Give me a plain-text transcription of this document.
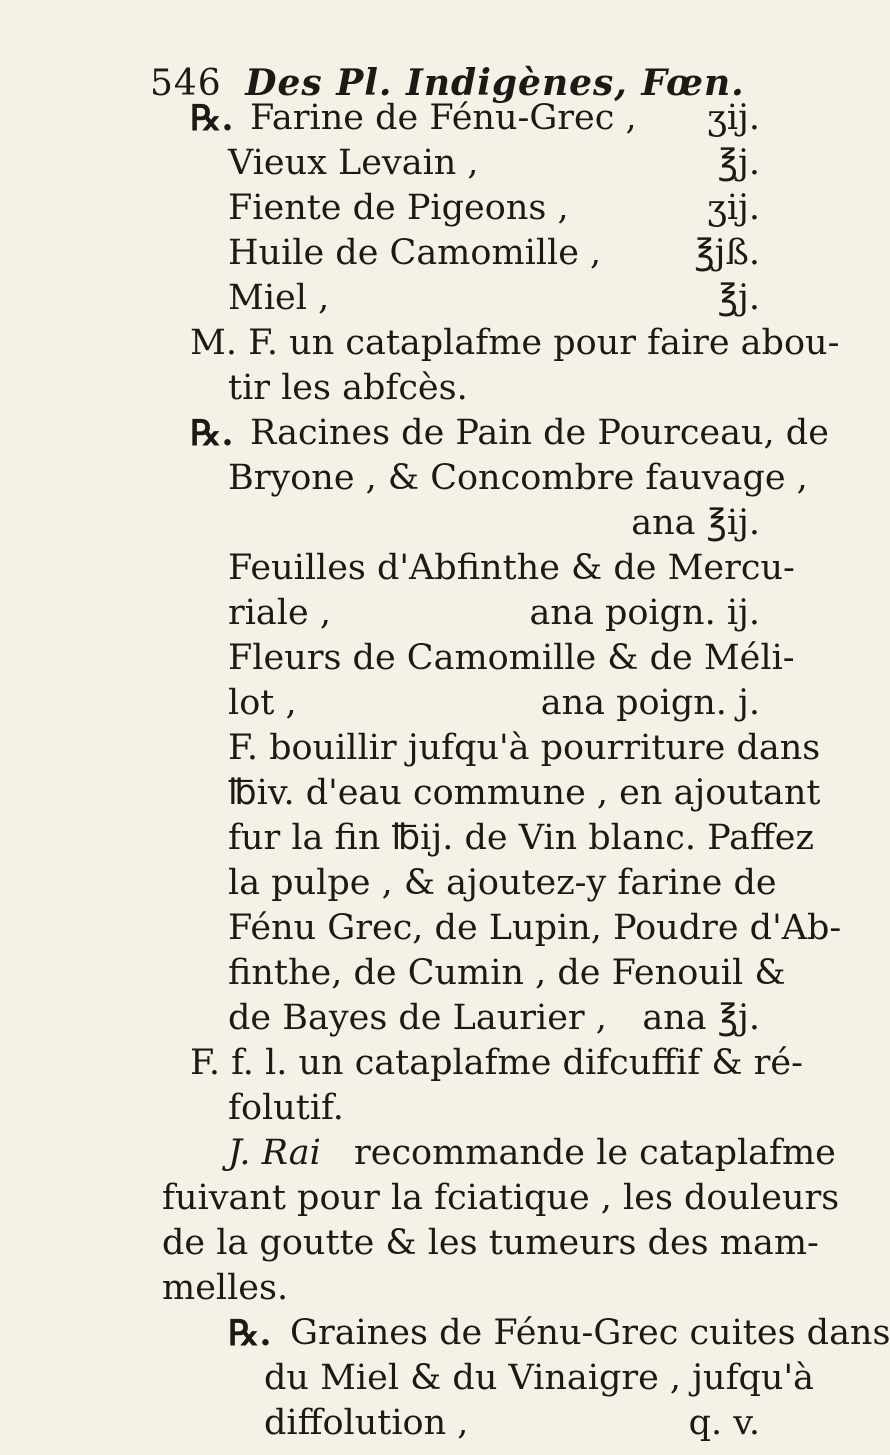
546 Des Pl. Indigènes, Fœn.
℞. Farine de Fénu-Grec , ʒij.
Vieux Levain ,	℥j.
Fiente de Pigeons ,	ʒij.
Huile de Camomille ,	℥jß.
Miel ,	℥j.
M. F. un cataplafme pour faire abou-
tir les abfcès.
℞. Racines de Pain de Pourceau, de
Bryone , & Concombre fauvage ,
ana ℥ij.
Feuilles d'Abfinthe & de Mercu-
riale ,	ana poign. ij.
Fleurs de Camomille & de Méli-
lot ,	ana poign. j.
F. bouillir jufqu'à pourriture dans
℔iv. d'eau commune , en ajoutant
fur la fin ℔ij. de Vin blanc. Paffez
la pulpe , & ajoutez-y farine de
Fénu Grec, de Lupin, Poudre d'Ab-
finthe, de Cumin , de Fenouil &
de Bayes de Laurier , ana ℥j.
F. f. l. un cataplafme difcuffif & ré-
folutif.
J. Rai recommande le cataplafme
fuivant pour la fciatique , les douleurs
de la goutte & les tumeurs des mam-
melles.
℞. Graines de Fénu-Grec cuites dans
du Miel & du Vinaigre , jufqu'à
diffolution ,	q. v.
